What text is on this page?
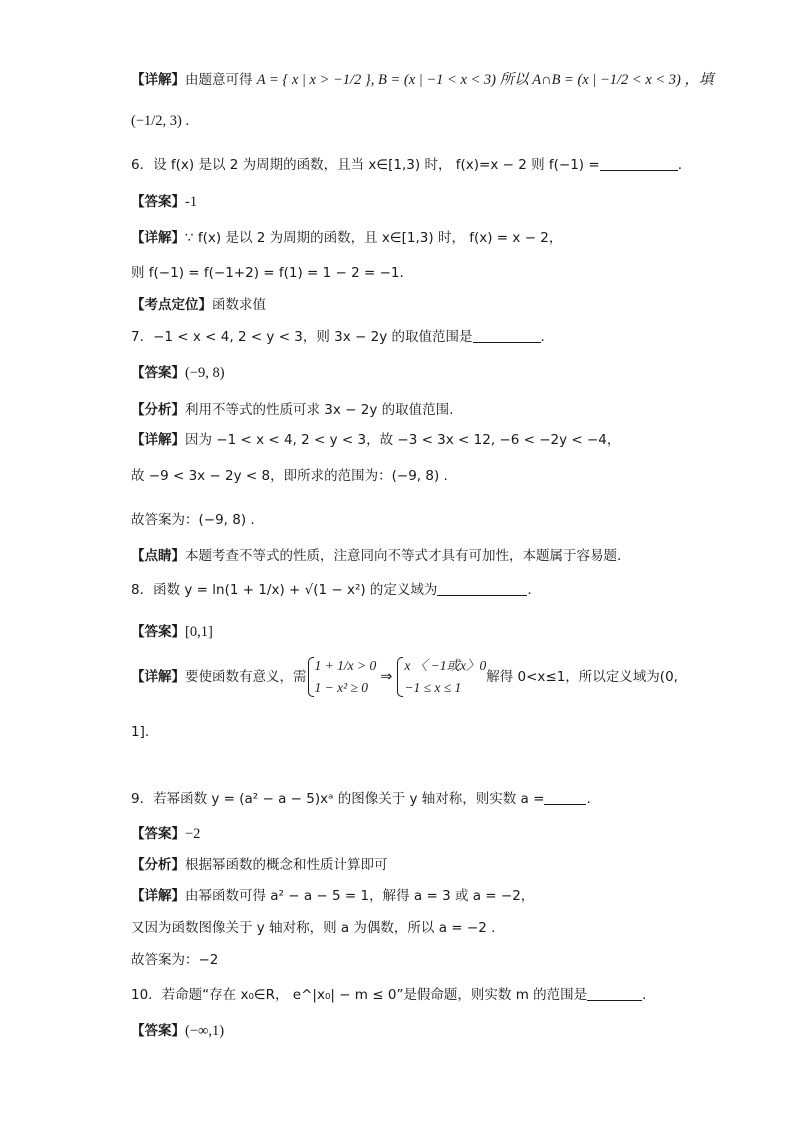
【详解】由题意可得 A = { x | x > −1/2 }, B = (x | −1 < x < 3) 所以 A∩B = (x | −1/2 < x < 3) ，填
(−1/2, 3) .
6．设 f(x) 是以 2 为周期的函数，且当 x∈[1,3) 时， f(x)=x − 2 则 f(−1) =	.
【答案】-1
【详解】∵ f(x) 是以 2 为周期的函数，且 x∈[1,3) 时， f(x) = x − 2，
则 f(−1) = f(−1+2) = f(1) = 1 − 2 = −1.
【考点定位】函数求值
7．−1 < x < 4, 2 < y < 3，则 3x − 2y 的取值范围是	.
【答案】(−9, 8)
【分析】利用不等式的性质可求 3x − 2y 的取值范围.
【详解】因为 −1 < x < 4, 2 < y < 3，故 −3 < 3x < 12, −6 < −2y < −4，
故 −9 < 3x − 2y < 8，即所求的范围为：(−9, 8) .
故答案为：(−9, 8) .
【点睛】本题考查不等式的性质，注意同向不等式才具有可加性，本题属于容易题.
8．函数 y = ln(1 + 1/x) + √(1 − x²) 的定义域为	.
【答案】[0,1]
【详解】要使函数有意义，需
1 + 1/x > 0
1 − x² ≥ 0
⇒
x 〈 −1或x〉0
−1 ≤ x ≤ 1
解得 0<x≤1，所以定义域为(0,
1].
9．若幂函数 y = (a² − a − 5)xᵃ 的图像关于 y 轴对称，则实数 a =	.
【答案】−2
【分析】根据幂函数的概念和性质计算即可
【详解】由幂函数可得 a² − a − 5 = 1，解得 a = 3 或 a = −2，
又因为函数图像关于 y 轴对称，则 a 为偶数，所以 a = −2 .
故答案为：−2
10．若命题“存在 x₀∈R， e^|x₀| − m ≤ 0”是假命题，则实数 m 的范围是	.
【答案】(−∞,1)
